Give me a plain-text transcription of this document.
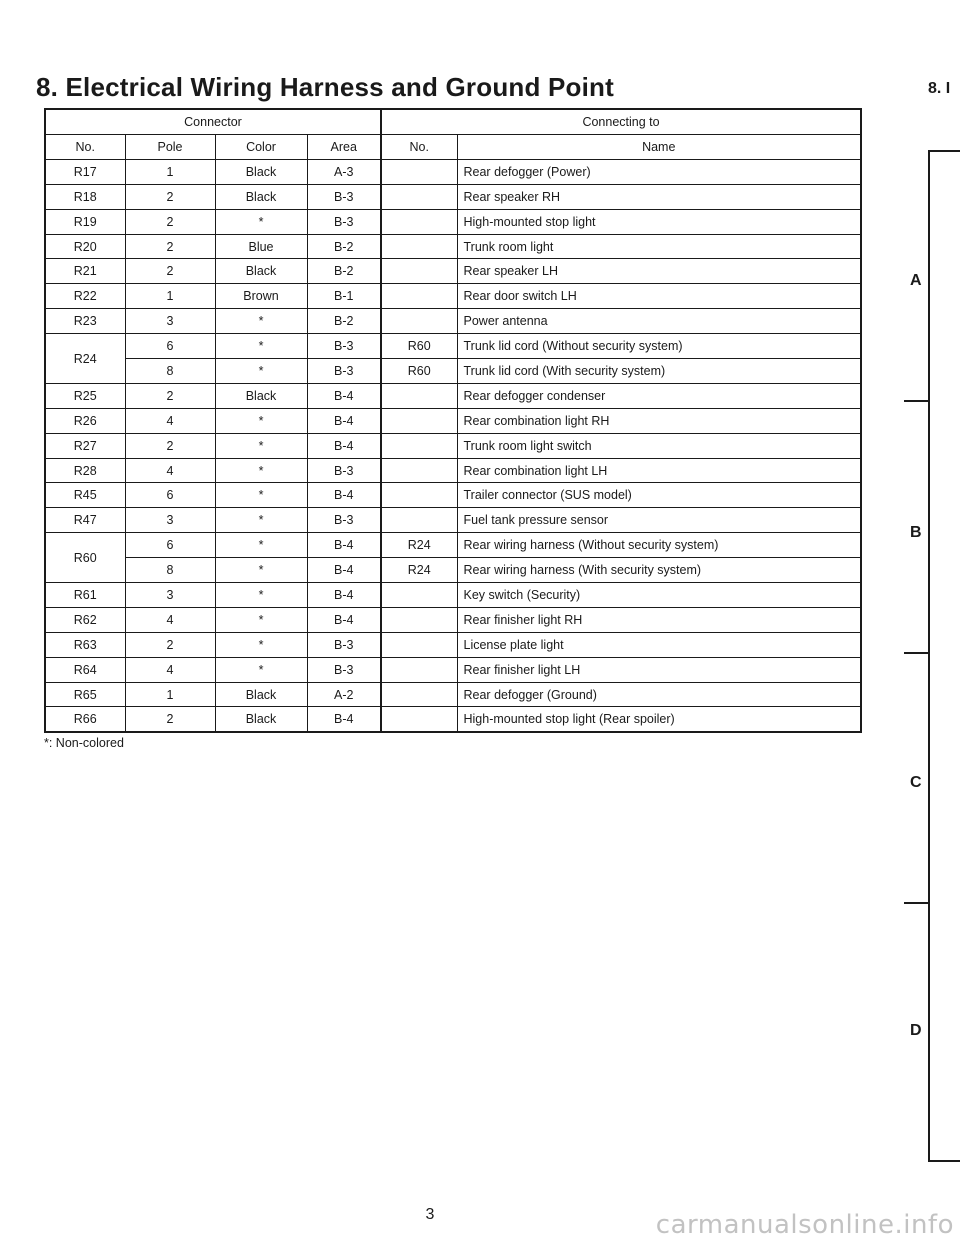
8. Electrical Wiring Harness and Ground Point	8. I
Connector				Connecting to	
No.	Pole	Color	Area	No.	Name
R17	1	Black	A-3		Rear defogger (Power)
R18	2	Black	B-3		Rear speaker RH
R19	2	*	B-3		High-mounted stop light
R20	2	Blue	B-2		Trunk room light
R21	2	Black	B-2		Rear speaker LH
R22	1	Brown	B-1		Rear door switch LH
R23	3	*	B-2		Power antenna
R24	6	*	B-3	R60	Trunk lid cord (Without security system)
	8	*	B-3	R60	Trunk lid cord (With security system)
R25	2	Black	B-4		Rear defogger condenser
R26	4	*	B-4		Rear combination light RH
R27	2	*	B-4		Trunk room light switch
R28	4	*	B-3		Rear combination light LH
R45	6	*	B-4		Trailer connector (SUS model)
R47	3	*	B-3		Fuel tank pressure sensor
R60	6	*	B-4	R24	Rear wiring harness (Without security system)
	8	*	B-4	R24	Rear wiring harness (With security system)
R61	3	*	B-4		Key switch (Security)
R62	4	*	B-4		Rear finisher light RH
R63	2	*	B-3		License plate light
R64	4	*	B-3		Rear finisher light LH
R65	1	Black	A-2		Rear defogger (Ground)
R66	2	Black	B-4		High-mounted stop light (Rear spoiler)
*: Non-colored
A
B
C
D
3	carmanualsonline.info
